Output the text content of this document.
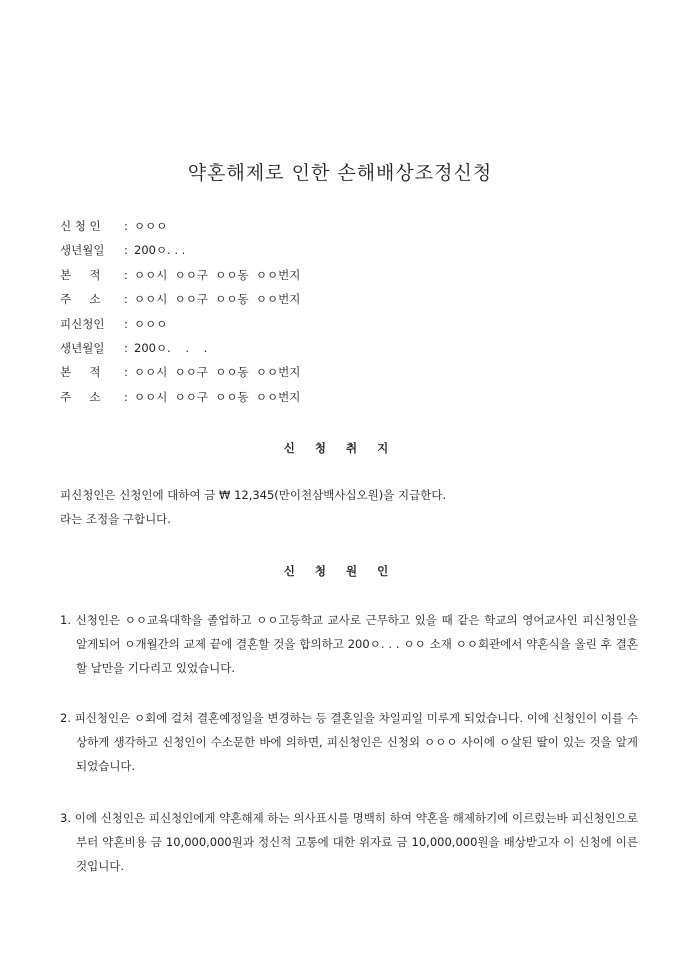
약혼해제로 인한 손해배상조정신청
신 청 인 : ㅇㅇㅇ
생년월일 : 200ㅇ. . .
본     적 : ㅇㅇ시  ㅇㅇ구  ㅇㅇ동  ㅇㅇ번지
주     소 : ㅇㅇ시  ㅇㅇ구  ㅇㅇ동  ㅇㅇ번지
피신청인 : ㅇㅇㅇ
생년월일 : 200ㅇ.    .    .
본     적 : ㅇㅇ시  ㅇㅇ구  ㅇㅇ동  ㅇㅇ번지
주     소 : ㅇㅇ시  ㅇㅇ구  ㅇㅇ동  ㅇㅇ번지
신 청 취 지
피신청인은 신청인에 대하여 금 ₩ 12,345(만이천삼백사십오원)을 지급한다.
라는 조정을 구합니다.
신 청 원 인
1. 신청인은 ㅇㅇ교육대학을 졸업하고 ㅇㅇ고등학교 교사로 근무하고 있을 때 같은 학교의 영어교사인 피신청인을 알게되어 ㅇ개월간의 교제 끝에 결혼할 것을 합의하고 200ㅇ. . . ㅇㅇ 소재 ㅇㅇ회관에서 약혼식을 올린 후 결혼할 날만을 기다리고 있었습니다.
2. 피신청인은 ㅇ회에 걸쳐 결혼예정일을 변경하는 등 결혼일을 차일피일 미루게 되었습니다. 이에 신청인이 이를 수상하게 생각하고 신청인이 수소문한 바에 의하면, 피신청인은 신청외 ㅇㅇㅇ 사이에 ㅇ살된 딸이 있는 것을 알게 되었습니다.
3. 이에 신청인은 피신청인에게 약혼해제 하는 의사표시를 명백히 하여 약혼을 해제하기에 이르렀는바 피신청인으로부터 약혼비용 금 10,000,000원과 정신적 고통에 대한 위자료 금 10,000,000원을 배상받고자 이 신청에 이른 것입니다.
